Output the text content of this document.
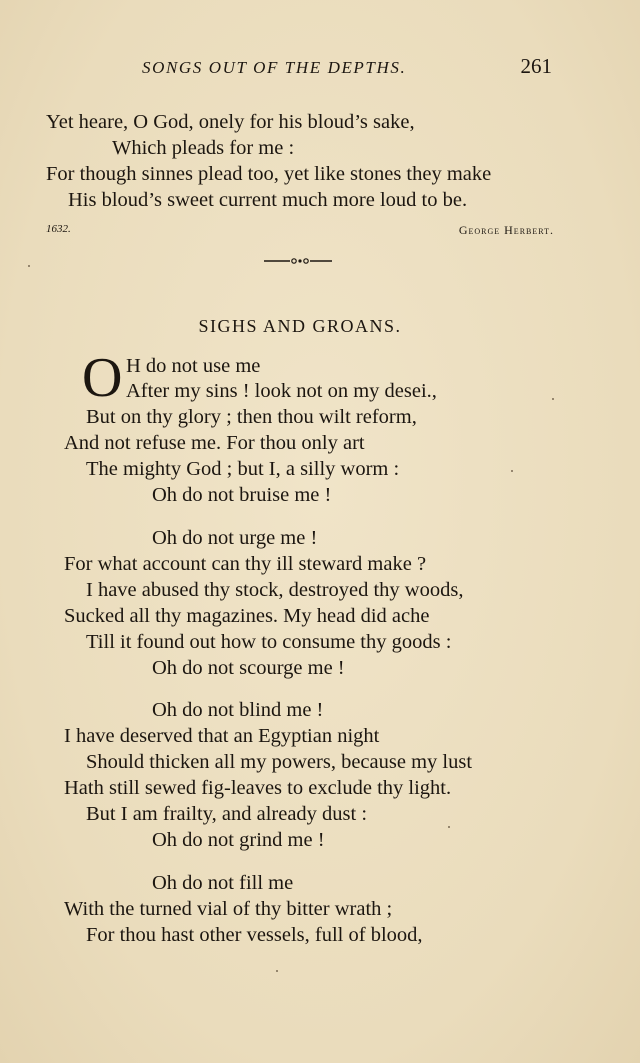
SONGS OUT OF THE DEPTHS.	261
Yet heare, O God, onely for his bloud’s sake,
Which pleads for me :
For though sinnes plead too, yet like stones they make
His bloud’s sweet current much more loud to be.
1632.	George Herbert.
SIGHS AND GROANS.
O H do not use me
After my sins ! look not on my desei.,
But on thy glory ; then thou wilt reform,
And not refuse me. For thou only art
The mighty God ; but I, a silly worm :
Oh do not bruise me !
Oh do not urge me !
For what account can thy ill steward make ?
I have abused thy stock, destroyed thy woods,
Sucked all thy magazines. My head did ache
Till it found out how to consume thy goods :
Oh do not scourge me !
Oh do not blind me !
I have deserved that an Egyptian night
Should thicken all my powers, because my lust
Hath still sewed fig-leaves to exclude thy light.
But I am frailty, and already dust :
Oh do not grind me !
Oh do not fill me
With the turned vial of thy bitter wrath ;
For thou hast other vessels, full of blood,
